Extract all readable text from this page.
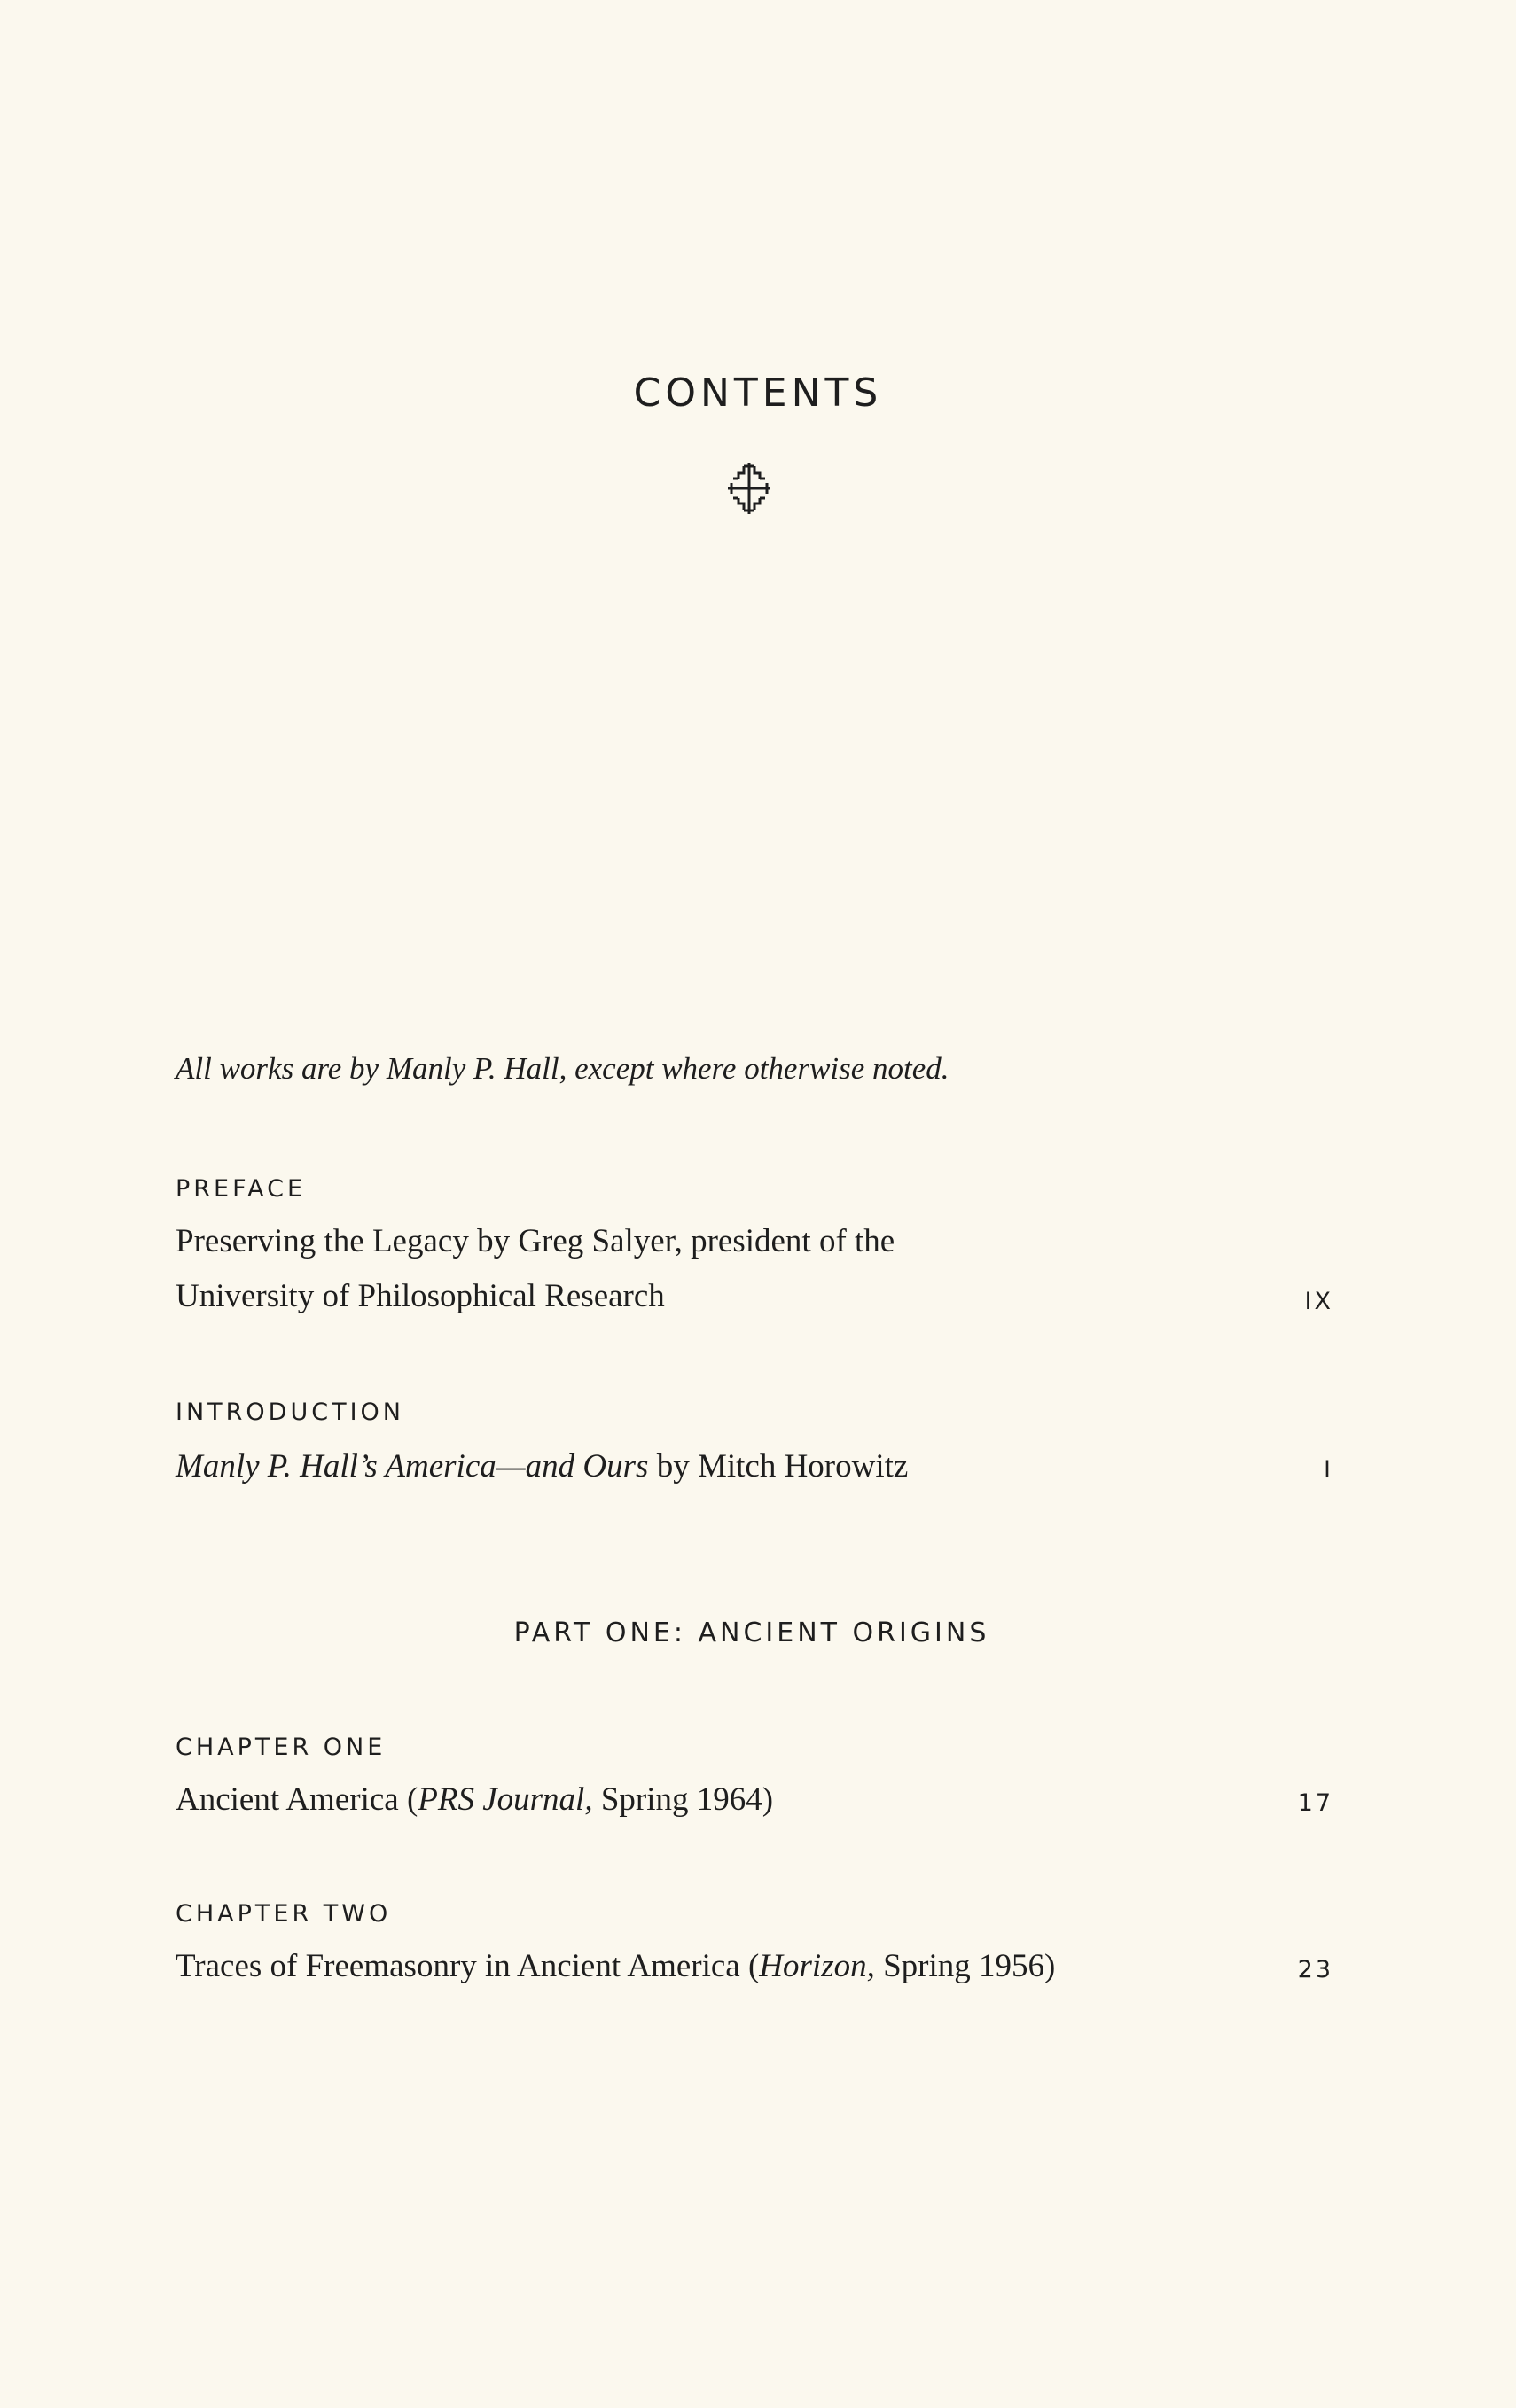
CONTENTS
All works are by Manly P. Hall, except where otherwise noted.
PREFACE
Preserving the Legacy by Greg Salyer, president of the
University of Philosophical Research	IX
INTRODUCTION
Manly P. Hall’s America—and Ours by Mitch Horowitz	I
PART ONE: ANCIENT ORIGINS
CHAPTER ONE
Ancient America (PRS Journal, Spring 1964)	17
CHAPTER TWO
Traces of Freemasonry in Ancient America (Horizon, Spring 1956)	23
